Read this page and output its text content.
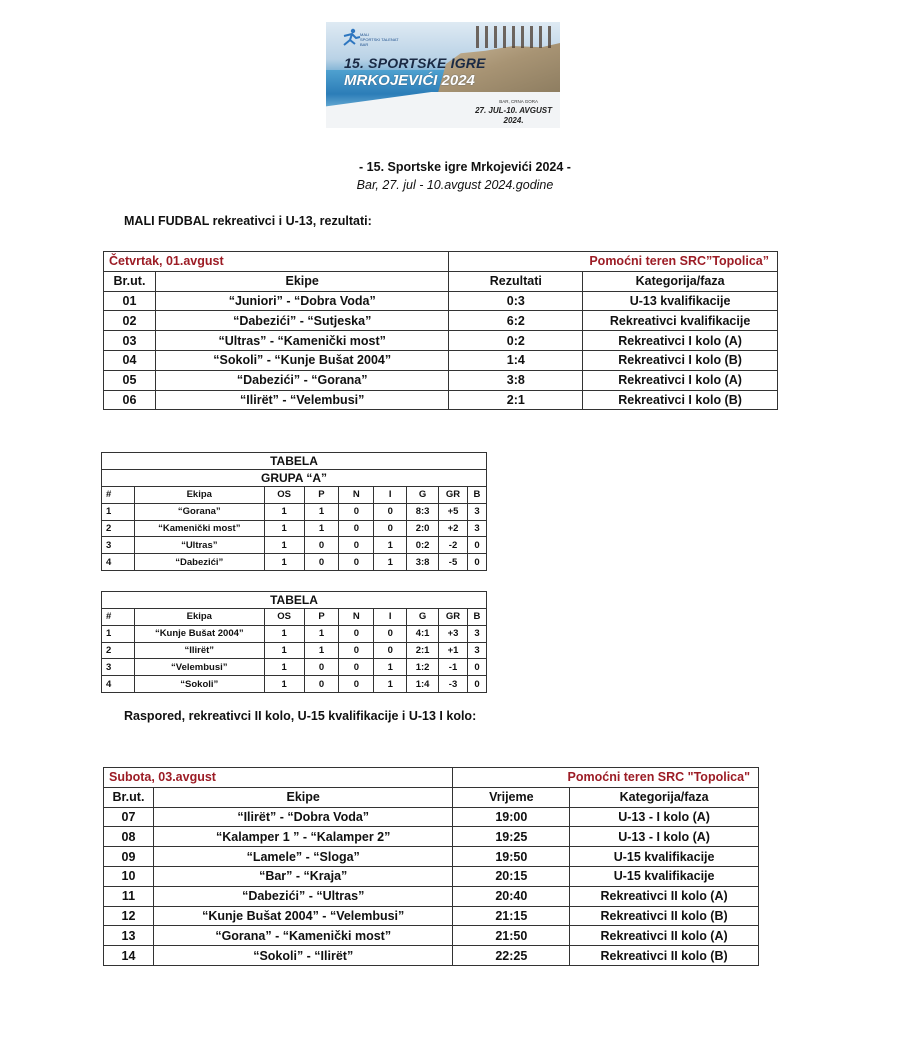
MALI
SPORTSKI TALENAT
BAR
15. SPORTSKE IGRE
MRKOJEVIĆI 2024
BAR, CRNA GORA
27. JUL-10. AVGUST
2024.
- 15. Sportske igre Mrkojevići 2024 -
Bar, 27. jul - 10.avgust 2024.godine
MALI FUDBAL rekreativci i U-13, rezultati:
Četvrtak, 01.avgust		Pomoćni teren SRC”Topolica”	
Br.ut.	Ekipe	Rezultati	Kategorija/faza
01	“Juniori” - “Dobra Voda”	0:3	U-13 kvalifikacije
02	“Dabezići” - “Sutjeska”	6:2	Rekreativci kvalifikacije
03	“Ultras” - “Kamenički most”	0:2	Rekreativci I kolo (A)
04	“Sokoli” - “Kunje Bušat 2004”	1:4	Rekreativci I kolo (B)
05	“Dabezići” - “Gorana”	3:8	Rekreativci I kolo (A)
06	“Ilirët” - “Velembusi”	2:1	Rekreativci I kolo (B)
TABELA								
GRUPA “A”								
#	Ekipa	OS	P	N	I	G	GR	B
1	“Gorana”	1	1	0	0	8:3	+5	3
2	“Kamenički most”	1	1	0	0	2:0	+2	3
3	“Ultras”	1	0	0	1	0:2	-2	0
4	“Dabezići”	1	0	0	1	3:8	-5	0
TABELA								
#	Ekipa	OS	P	N	I	G	GR	B
1	“Kunje Bušat 2004”	1	1	0	0	4:1	+3	3
2	“Ilirët”	1	1	0	0	2:1	+1	3
3	“Velembusi”	1	0	0	1	1:2	-1	0
4	“Sokoli”	1	0	0	1	1:4	-3	0
Raspored, rekreativci II kolo, U-15 kvalifikacije i U-13 I kolo:
Subota, 03.avgust		Pomoćni teren SRC "Topolica"	
Br.ut.	Ekipe	Vrijeme	Kategorija/faza
07	“Ilirët” - “Dobra Voda”	19:00	U-13 - I kolo (A)
08	“Kalamper 1 ” - “Kalamper 2”	19:25	U-13 - I kolo (A)
09	“Lamele” - “Sloga”	19:50	U-15 kvalifikacije
10	“Bar” - “Kraja”	20:15	U-15 kvalifikacije
11	“Dabezići” - “Ultras”	20:40	Rekreativci II kolo (A)
12	“Kunje Bušat 2004” - “Velembusi”	21:15	Rekreativci II kolo (B)
13	“Gorana” - “Kamenički most”	21:50	Rekreativci II kolo (A)
14	“Sokoli” - “Ilirët”	22:25	Rekreativci II kolo (B)
